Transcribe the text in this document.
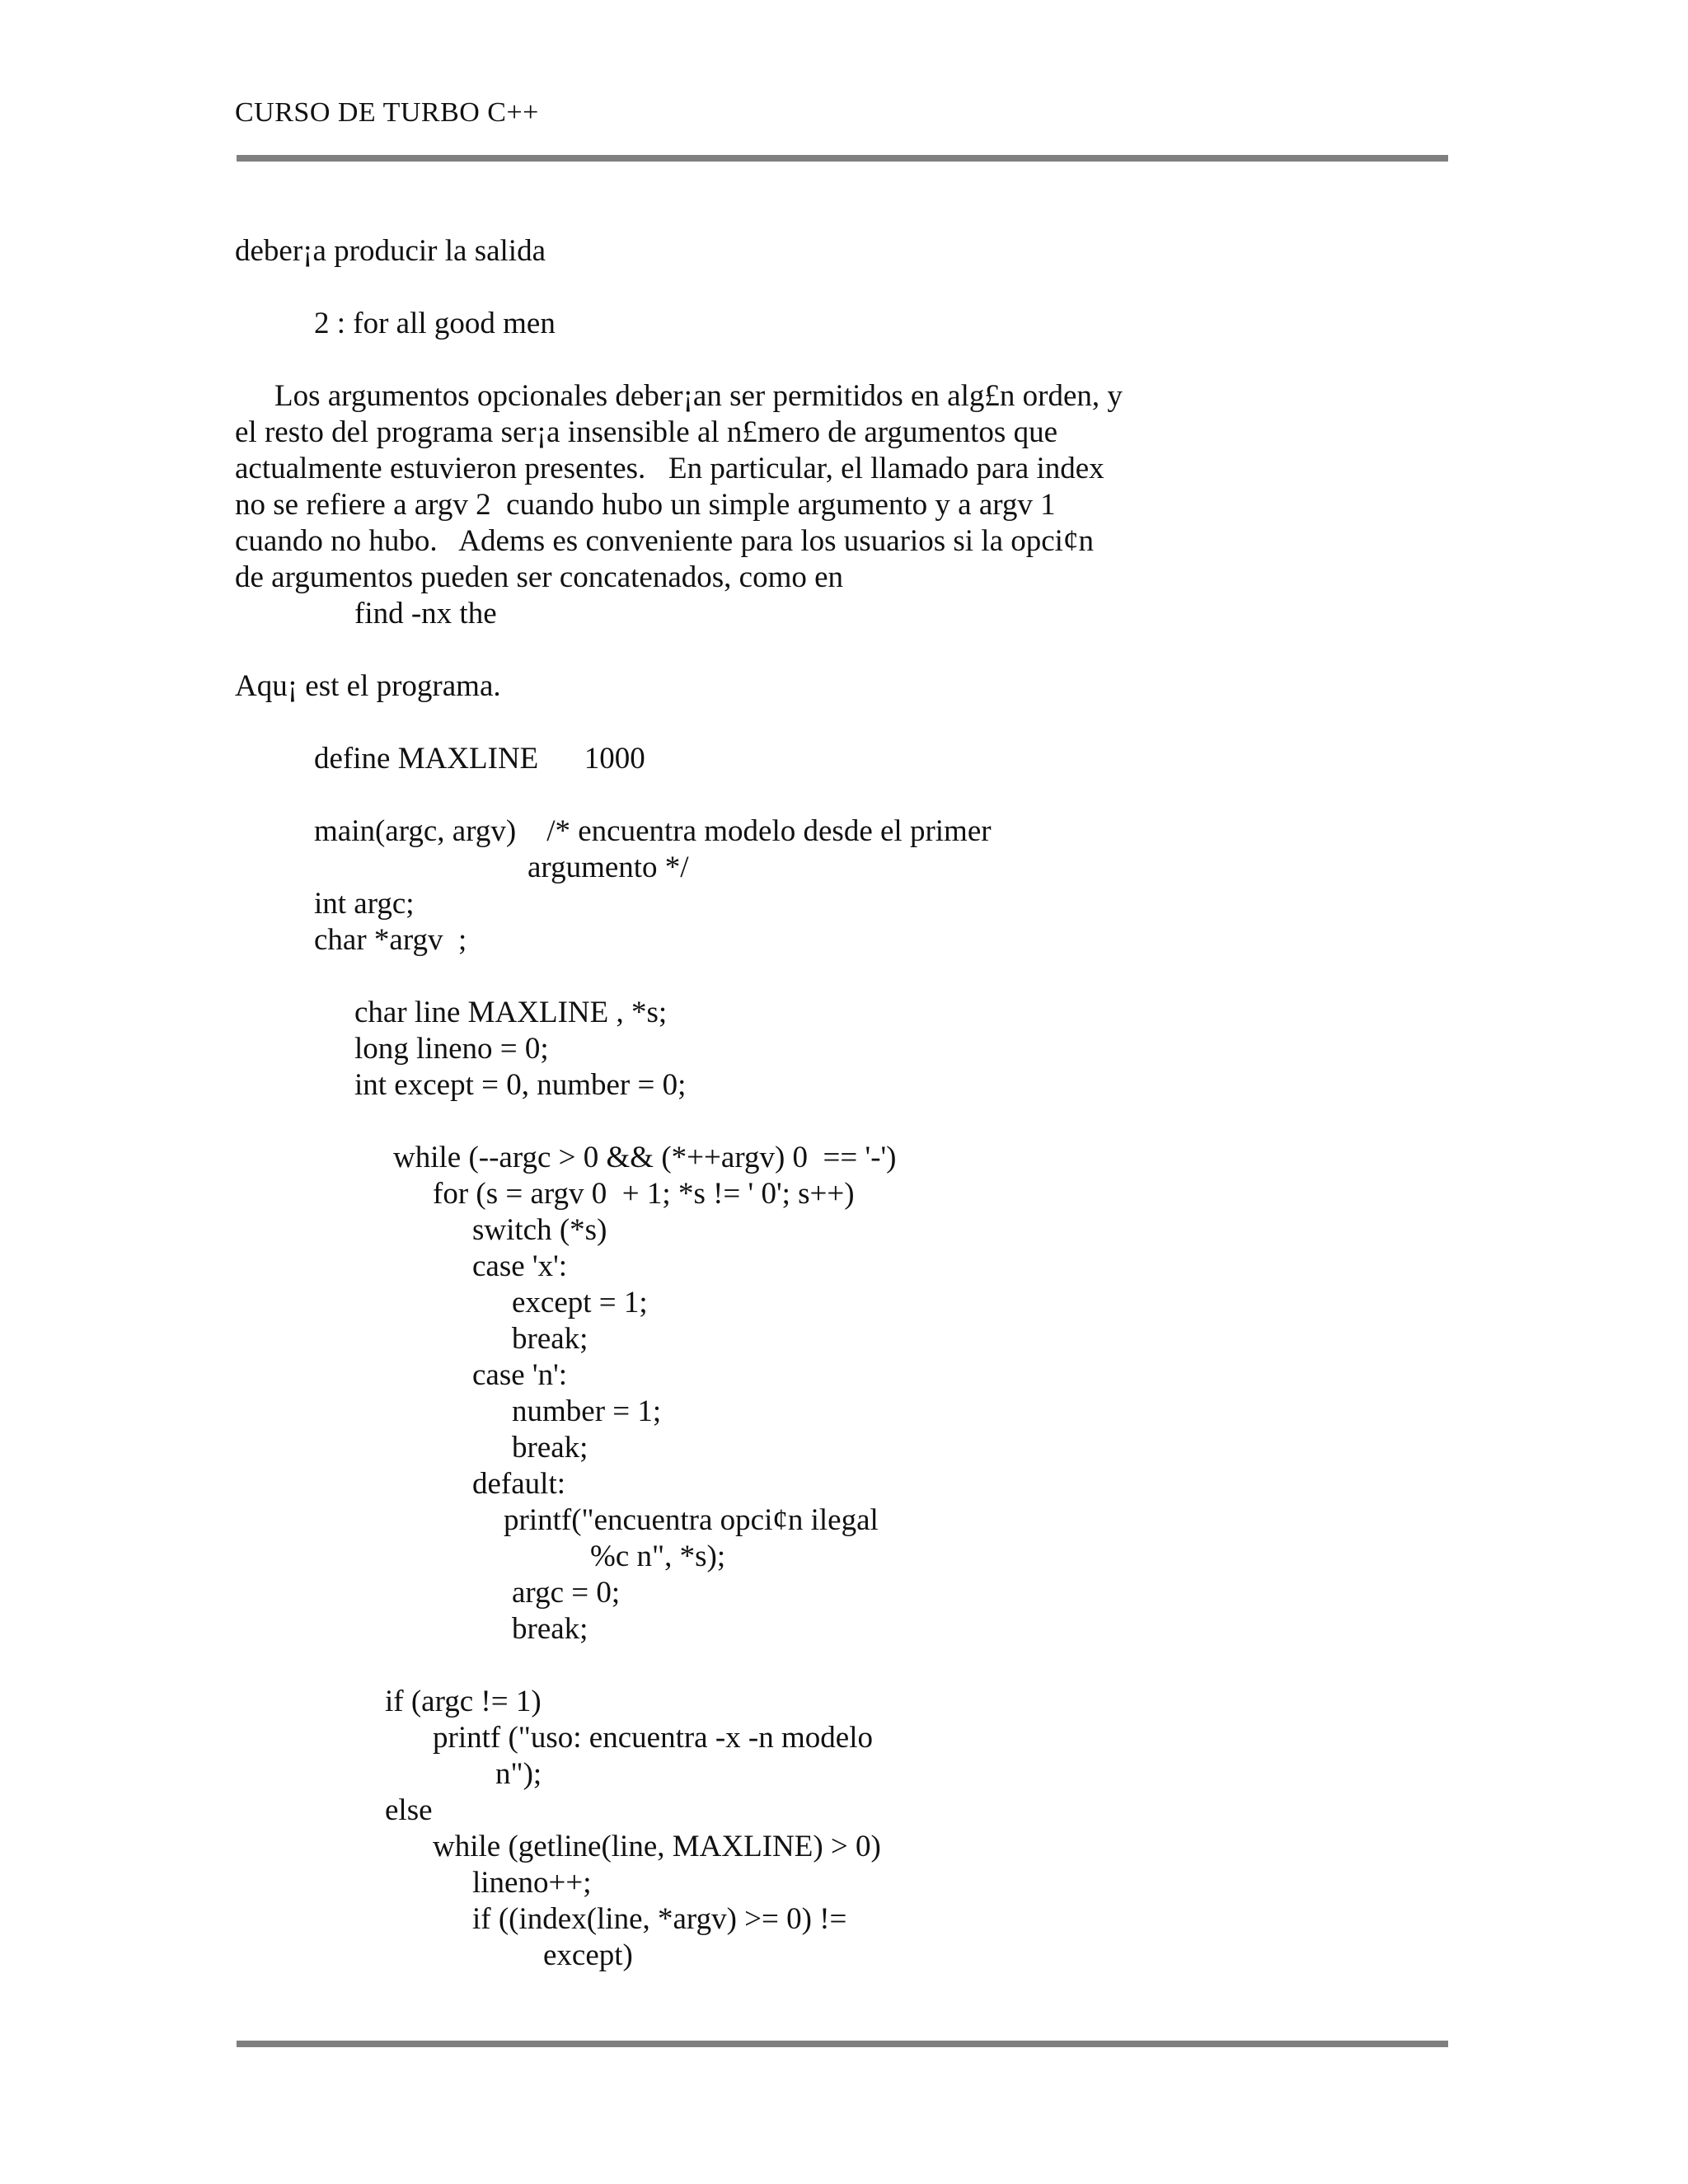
CURSO DE TURBO C++
deber¡a producir la salida
2 : for all good men
Los argumentos opcionales deber¡an ser permitidos en alg£n orden, y
el resto del programa ser¡a insensible al n£mero de argumentos que
actualmente estuvieron presentes.   En particular, el llamado para index
no se refiere a argv 2  cuando hubo un simple argumento y a argv 1
cuando no hubo.   Adems es conveniente para los usuarios si la opci¢n
de argumentos pueden ser concatenados, como en
find -nx the
Aqu¡ est el programa.
define MAXLINE      1000
main(argc, argv)    /* encuentra modelo desde el primer
argumento */
int argc;
char *argv  ;
char line MAXLINE , *s;
long lineno = 0;
int except = 0, number = 0;
while (--argc > 0 && (*++argv) 0  == '-')
for (s = argv 0  + 1; *s != ' 0'; s++)
switch (*s)
case 'x':
except = 1;
break;
case 'n':
number = 1;
break;
default:
printf("encuentra opci¢n ilegal
%c n", *s);
argc = 0;
break;
if (argc != 1)
printf ("uso: encuentra -x -n modelo
n");
else
while (getline(line, MAXLINE) > 0)
lineno++;
if ((index(line, *argv) >= 0) !=
except)
